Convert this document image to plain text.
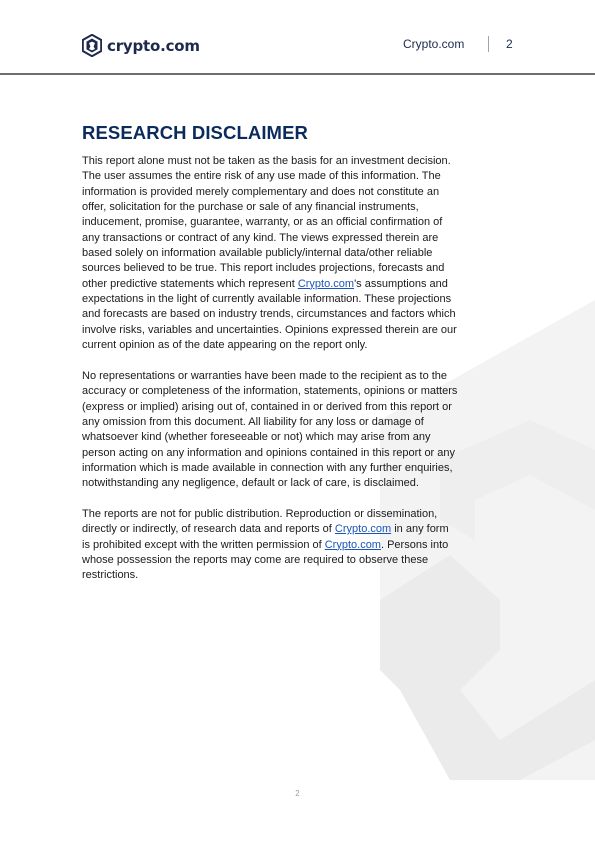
crypto.com	Crypto.com	2
RESEARCH DISCLAIMER

This report alone must not be taken as the basis for an investment decision.
The user assumes the entire risk of any use made of this information. The
information is provided merely complementary and does not constitute an
offer, solicitation for the purchase or sale of any financial instruments,
inducement, promise, guarantee, warranty, or as an official confirmation of
any transactions or contract of any kind. The views expressed therein are
based solely on information available publicly/internal data/other reliable
sources believed to be true. This report includes projections, forecasts and
other predictive statements which represent Crypto.com's assumptions and
expectations in the light of currently available information. These projections
and forecasts are based on industry trends, circumstances and factors which
involve risks, variables and uncertainties. Opinions expressed therein are our
current opinion as of the date appearing on the report only.

No representations or warranties have been made to the recipient as to the
accuracy or completeness of the information, statements, opinions or matters
(express or implied) arising out of, contained in or derived from this report or
any omission from this document. All liability for any loss or damage of
whatsoever kind (whether foreseeable or not) which may arise from any
person acting on any information and opinions contained in this report or any
information which is made available in connection with any further enquiries,
notwithstanding any negligence, default or lack of care, is disclaimed.

The reports are not for public distribution. Reproduction or dissemination,
directly or indirectly, of research data and reports of Crypto.com in any form
is prohibited except with the written permission of Crypto.com. Persons into
whose possession the reports may come are required to observe these
restrictions.

2
